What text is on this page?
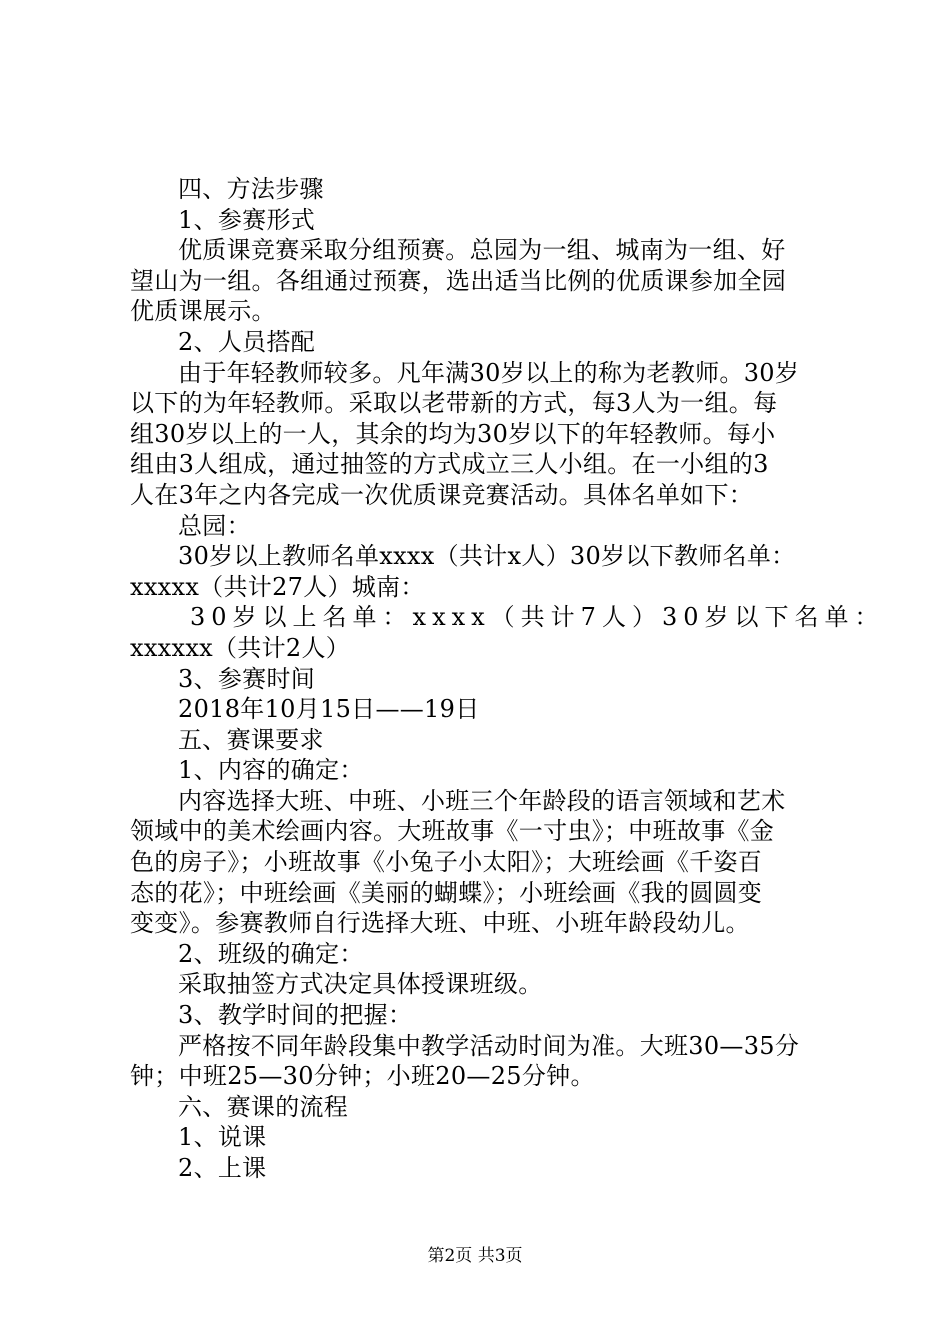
四、方法步骤
1、参赛形式
优质课竞赛采取分组预赛。总园为一组、城南为一组、好
望山为一组。各组通过预赛，选出适当比例的优质课参加全园
优质课展示。
2、人员搭配
由于年轻教师较多。凡年满30岁以上的称为老教师。30岁
以下的为年轻教师。采取以老带新的方式，每3人为一组。每
组30岁以上的一人，其余的均为30岁以下的年轻教师。每小
组由3人组成，通过抽签的方式成立三人小组。在一小组的3
人在3年之内各完成一次优质课竞赛活动。具体名单如下：
总园：
30岁以上教师名单xxxx（共计x人）30岁以下教师名单：
xxxxx（共计27人）城南：
30岁以上名单：xxxx（共计7人）30岁以下名单：
xxxxxx（共计2人）
3、参赛时间
2018年10月15日——19日
五、赛课要求
1、内容的确定：
内容选择大班、中班、小班三个年龄段的语言领域和艺术
领域中的美术绘画内容。大班故事《一寸虫》；中班故事《金
色的房子》；小班故事《小兔子小太阳》；大班绘画《千姿百
态的花》；中班绘画《美丽的蝴蝶》；小班绘画《我的圆圆变
变变》。参赛教师自行选择大班、中班、小班年龄段幼儿。
2、班级的确定：
采取抽签方式决定具体授课班级。
3、教学时间的把握：
严格按不同年龄段集中教学活动时间为准。大班30—35分
钟；中班25—30分钟；小班20—25分钟。
六、赛课的流程
1、说课
2、上课
第2页 共3页
